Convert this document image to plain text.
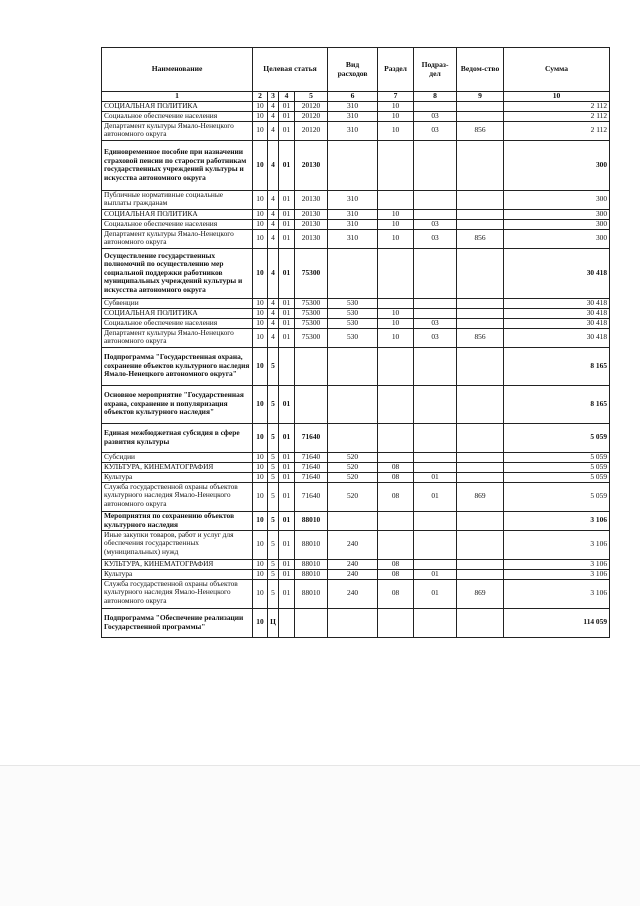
Наименование	Целевая статья				Вид расходов	Раздел	Подраз-дел	Ведом-ство	Сумма
1	2	3	4	5	6	7	8	9	10
СОЦИАЛЬНАЯ ПОЛИТИКА	10	4	01	20120	310	10			2 112
Социальное обеспечение населения	10	4	01	20120	310	10	03		2 112
Департамент культуры Ямало-Ненецкого автономного округа	10	4	01	20120	310	10	03	856	2 112
Единовременное пособие при назначении страховой пенсии по старости работникам государственных учреждений культуры и искусства автономного округа	10	4	01	20130					300
Публичные нормативные социальные выплаты гражданам	10	4	01	20130	310				300
СОЦИАЛЬНАЯ ПОЛИТИКА	10	4	01	20130	310	10			300
Социальное обеспечение населения	10	4	01	20130	310	10	03		300
Департамент культуры Ямало-Ненецкого автономного округа	10	4	01	20130	310	10	03	856	300
Осуществление государственных полномочий по осуществлению мер социальной поддержки работников муниципальных учреждений культуры и искусства автономного округа	10	4	01	75300					30 418
Субвенции	10	4	01	75300	530				30 418
СОЦИАЛЬНАЯ ПОЛИТИКА	10	4	01	75300	530	10			30 418
Социальное обеспечение населения	10	4	01	75300	530	10	03		30 418
Департамент культуры Ямало-Ненецкого автономного округа	10	4	01	75300	530	10	03	856	30 418
Подпрограмма "Государственная охрана, сохранение объектов культурного наследия Ямало-Ненецкого автономного округа"	10	5							8 165
Основное мероприятие "Государственная охрана, сохранение и популяризация объектов культурного наследия"	10	5	01						8 165
Единая межбюджетная субсидия в сфере развития культуры	10	5	01	71640					5 059
Субсидии	10	5	01	71640	520				5 059
КУЛЬТУРА, КИНЕМАТОГРАФИЯ	10	5	01	71640	520	08			5 059
Культура	10	5	01	71640	520	08	01		5 059
Служба государственной охраны объектов культурного наследия Ямало-Ненецкого автономного округа	10	5	01	71640	520	08	01	869	5 059
Мероприятия по сохранению объектов культурного наследия	10	5	01	88010					3 106
Иные закупки товаров, работ и услуг для обеспечения государственных (муниципальных) нужд	10	5	01	88010	240				3 106
КУЛЬТУРА, КИНЕМАТОГРАФИЯ	10	5	01	88010	240	08			3 106
Культура	10	5	01	88010	240	08	01		3 106
Служба государственной охраны объектов культурного наследия Ямало-Ненецкого автономного округа	10	5	01	88010	240	08	01	869	3 106
Подпрограмма "Обеспечение реализации Государственной программы"	10	Ц							114 059
